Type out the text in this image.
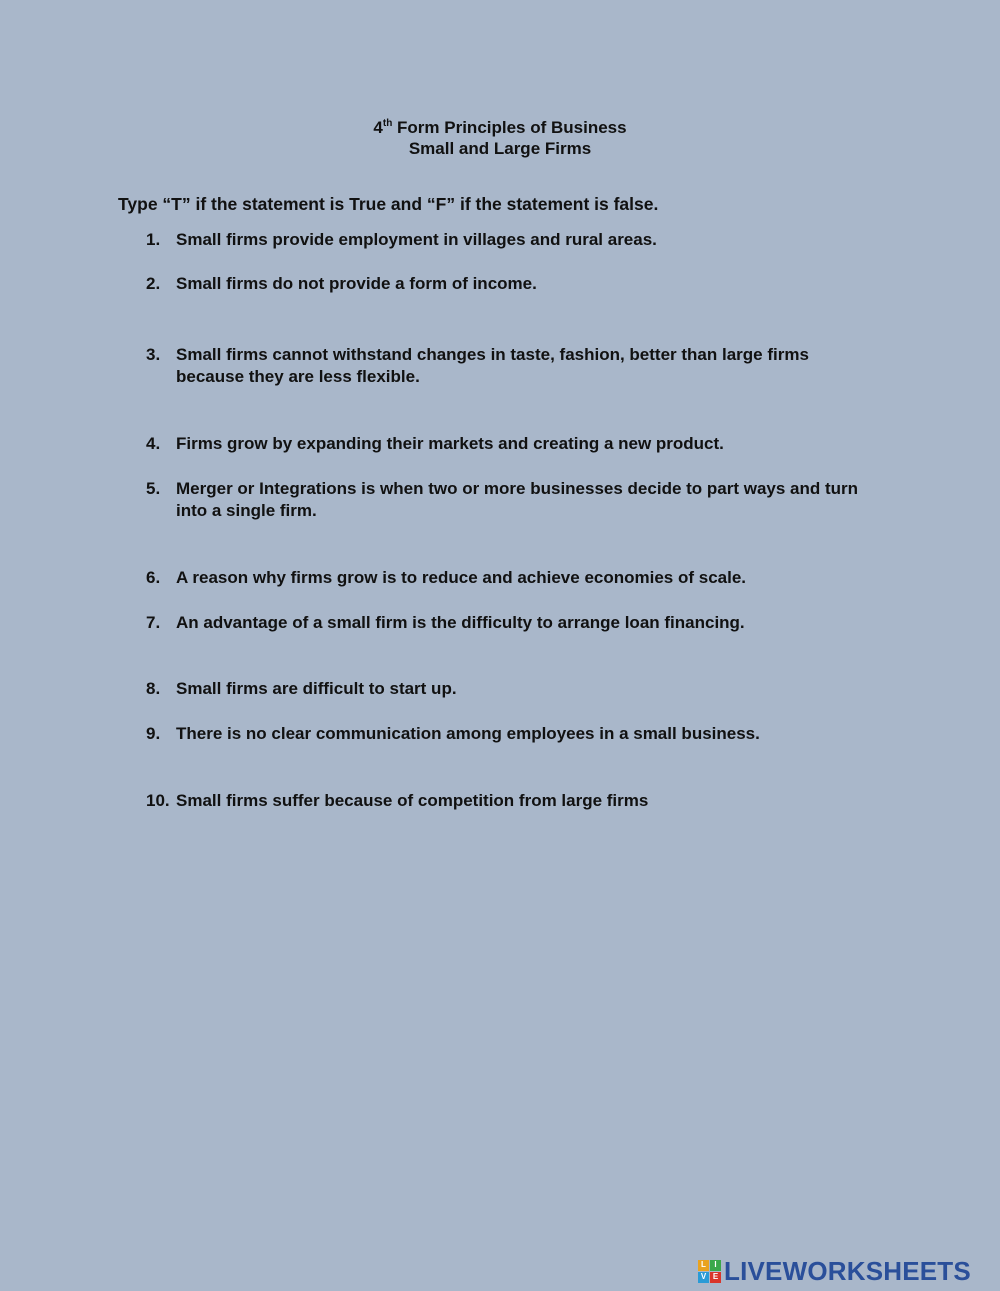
4th Form Principles of Business
Small and Large Firms
Type “T” if the statement is True and “F” if the statement is false.
1. Small firms provide employment in villages and rural areas.
2. Small firms do not provide a form of income.
3. Small firms cannot withstand changes in taste, fashion, better than large firms because they are less flexible.
4. Firms grow by expanding their markets and creating a new product.
5. Merger or Integrations is when two or more businesses decide to part ways and turn into a single firm.
6. A reason why firms grow is to reduce and achieve economies of scale.
7. An advantage of a small firm is the difficulty to arrange loan financing.
8. Small firms are difficult to start up.
9. There is no clear communication among employees in a small business.
10. Small firms suffer because of competition from large firms
L	I
V E LIVEWORKSHEETS
